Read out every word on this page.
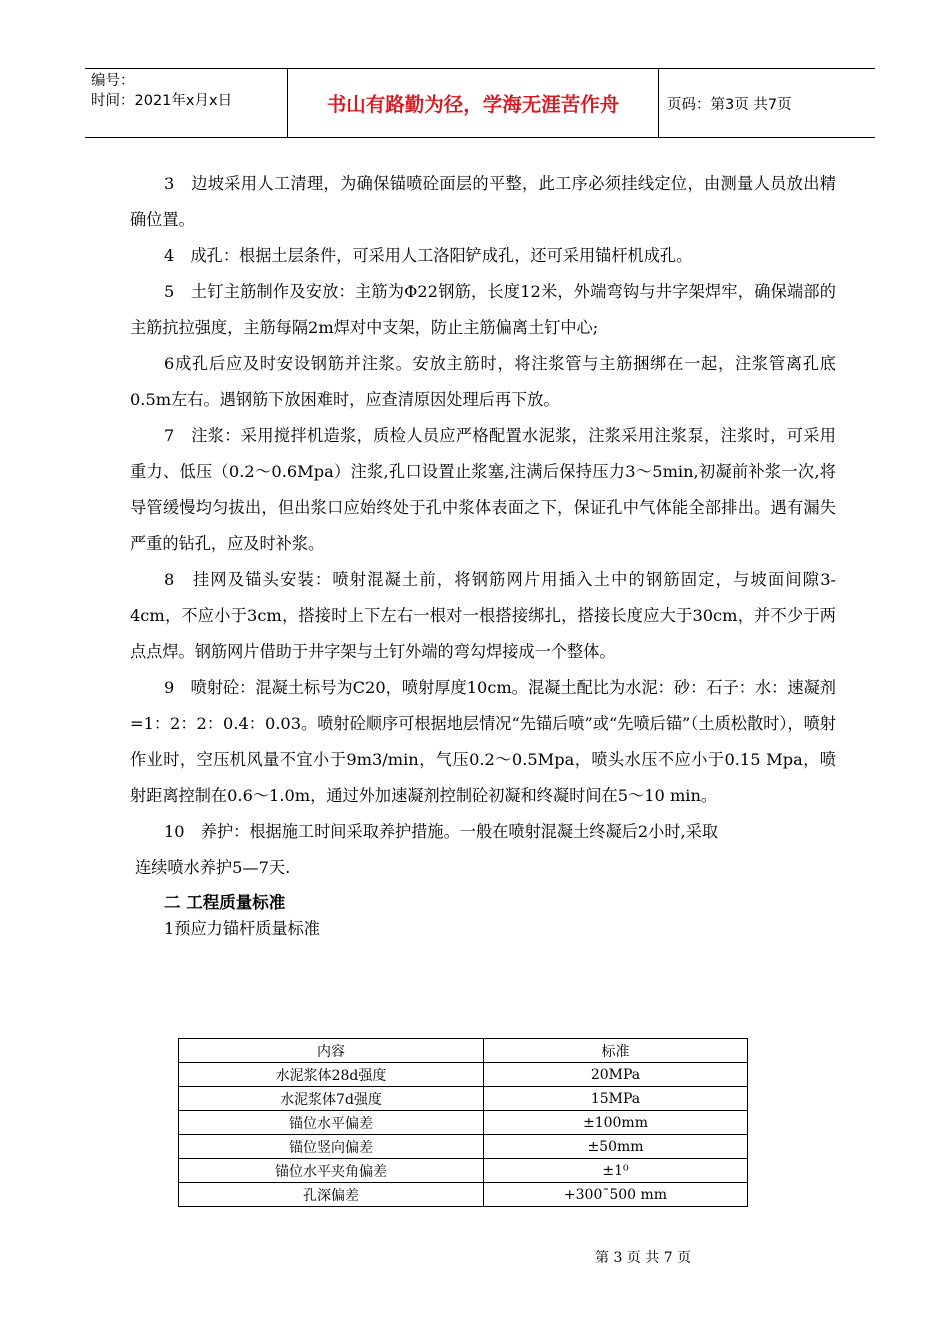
编号：
时间：2021年x月x日	书山有路勤为径，学海无涯苦作舟	页码：第3页 共7页

3　边坡采用人工清理，为确保锚喷砼面层的平整，此工序必须挂线定位，由测量人员放出精确位置。

4　成孔：根据土层条件，可采用人工洛阳铲成孔，还可采用锚杆机成孔。

5　土钉主筋制作及安放：主筋为Φ22钢筋，长度12米，外端弯钩与井字架焊牢，确保端部的主筋抗拉强度，主筋每隔2m焊对中支架，防止主筋偏离土钉中心;

6成孔后应及时安设钢筋并注浆。安放主筋时，将注浆管与主筋捆绑在一起，注浆管离孔底0.5m左右。遇钢筋下放困难时，应查清原因处理后再下放。

7　注浆：采用搅拌机造浆，质检人员应严格配置水泥浆，注浆采用注浆泵，注浆时，可采用重力、低压（0.2～0.6Mpa）注浆,孔口设置止浆塞,注满后保持压力3～5min,初凝前补浆一次,将导管缓慢均匀拔出，但出浆口应始终处于孔中浆体表面之下，保证孔中气体能全部排出。遇有漏失严重的钻孔，应及时补浆。

8　挂网及锚头安装：喷射混凝土前，将钢筋网片用插入土中的钢筋固定，与坡面间隙3-4cm，不应小于3cm，搭接时上下左右一根对一根搭接绑扎，搭接长度应大于30cm，并不少于两点点焊。钢筋网片借助于井字架与土钉外端的弯勾焊接成一个整体。

9　喷射砼：混凝土标号为C20，喷射厚度10cm。混凝土配比为水泥：砂：石子：水：速凝剂=1：2：2：0.4：0.03。喷射砼顺序可根据地层情况“先锚后喷”或“先喷后锚”（土质松散时），喷射作业时，空压机风量不宜小于9m3/min，气压0.2～0.5Mpa，喷头水压不应小于0.15 Mpa，喷射距离控制在0.6～1.0m，通过外加速凝剂控制砼初凝和终凝时间在5～10 min。

10　养护：根据施工时间采取养护措施。一般在喷射混凝土终凝后2小时,采取

连续喷水养护5—7天.

二 工程质量标准
1预应力锚杆质量标准
内容	标准
水泥浆体28d强度	20MPa
水泥浆体7d强度	15MPa
锚位水平偏差	±100mm
锚位竖向偏差	±50mm
锚位水平夹角偏差	±1⁰
孔深偏差	+300¯500 mm
第 3 页 共 7 页
